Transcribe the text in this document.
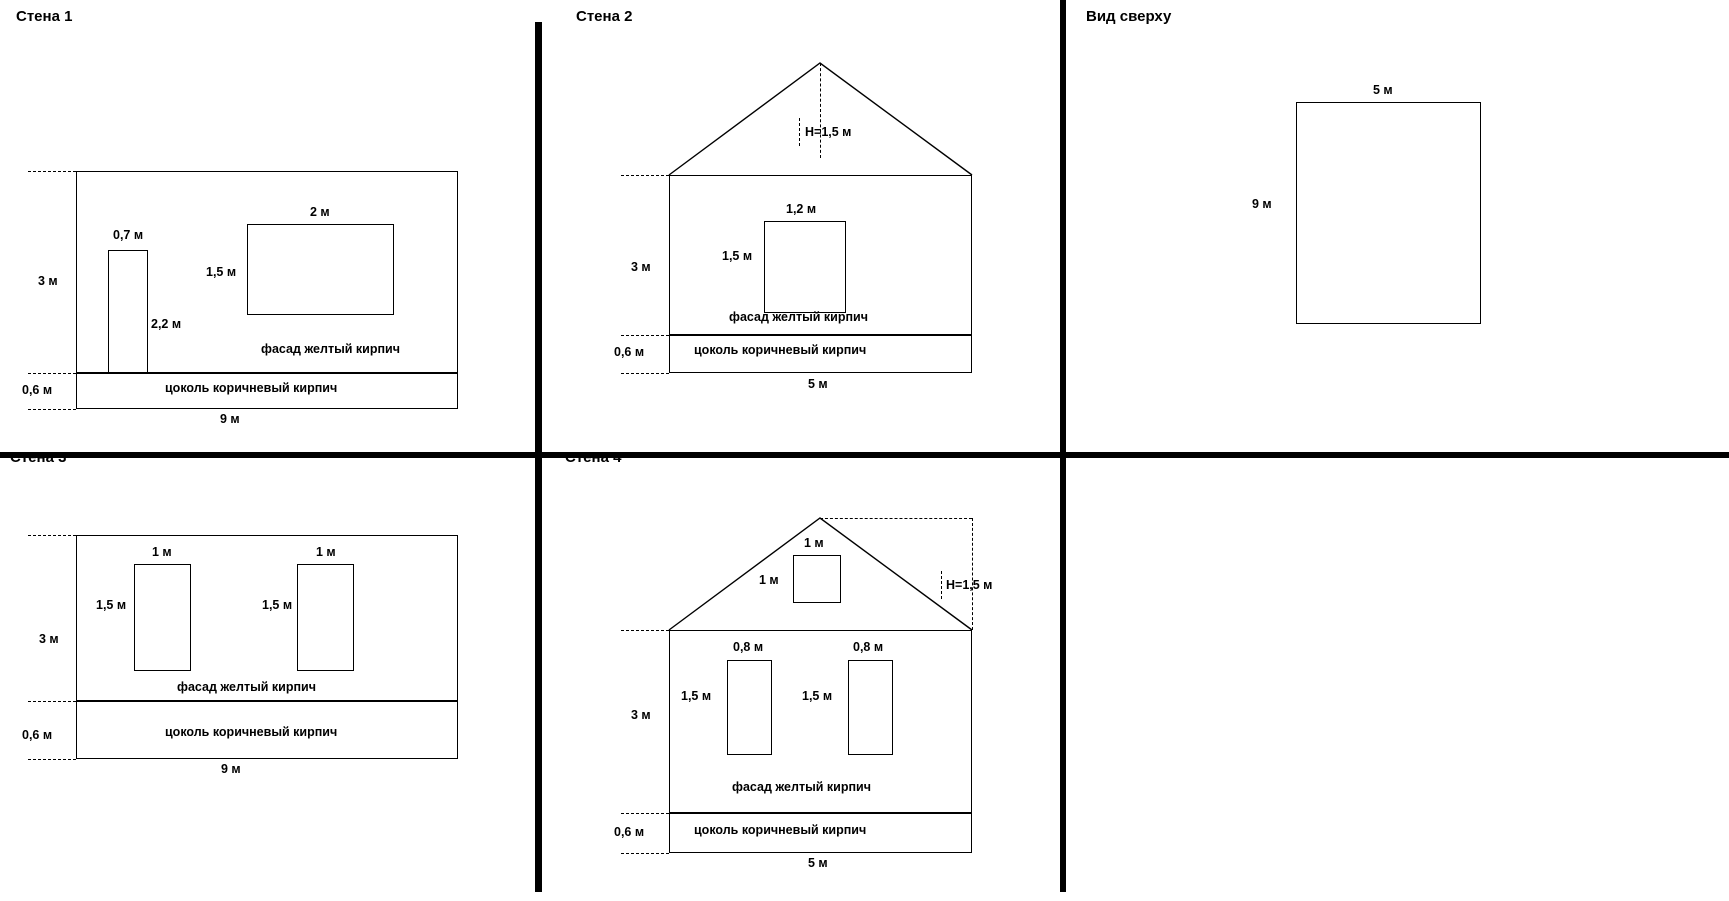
Стена 1
3 м
0,6 м
9 м
0,7 м
2,2 м
2 м
1,5 м
фасад желтый кирпич
цоколь коричневый кирпич
Стена 2
H=1,5 м
3 м
0,6 м
5 м
1,2 м
1,5 м
фасад желтый кирпич
цоколь коричневый кирпич
Вид сверху
5 м
9 м
Стена 3
3 м
0,6 м
9 м
1 м
1,5 м
1 м
1,5 м
фасад желтый кирпич
цоколь коричневый кирпич
Стена 4
H=1,5 м
1 м
1 м
3 м
0,6 м
5 м
0,8 м
1,5 м
0,8 м
1,5 м
фасад желтый кирпич
цоколь коричневый кирпич
